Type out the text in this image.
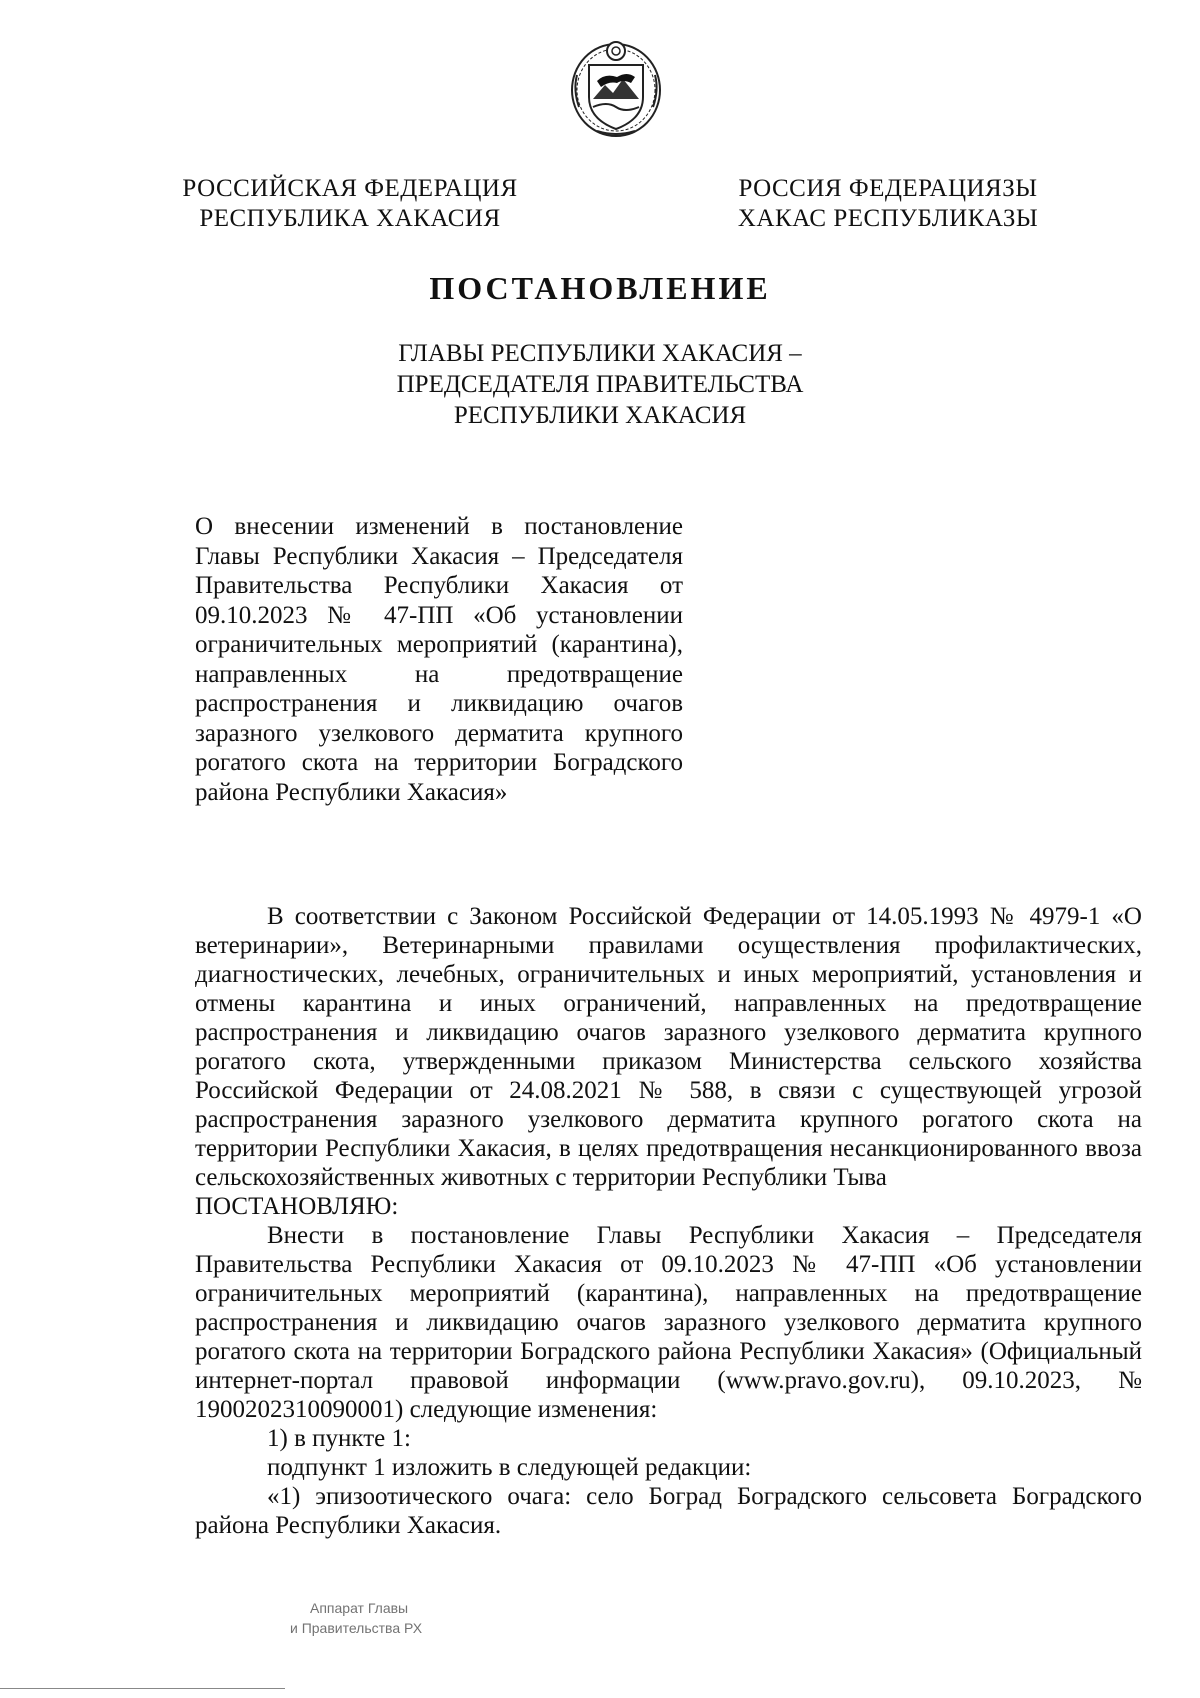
РОССИЙСКАЯ ФЕДЕРАЦИЯ
РЕСПУБЛИКА ХАКАСИЯ
РОССИЯ ФЕДЕРАЦИЯЗЫ
ХАКАС РЕСПУБЛИКАЗЫ
ПОСТАНОВЛЕНИЕ
ГЛАВЫ РЕСПУБЛИКИ ХАКАСИЯ –
ПРЕДСЕДАТЕЛЯ ПРАВИТЕЛЬСТВА
РЕСПУБЛИКИ ХАКАСИЯ
О внесении изменений в постановление Главы Республики Хакасия – Председателя Правительства Республики Хакасия от 09.10.2023 № 47-ПП «Об установлении ограничительных мероприятий (карантина), направленных на предотвращение распространения и ликвидацию очагов заразного узелкового дерматита крупного рогатого скота на территории Боградского района Республики Хакасия»

В соответствии с Законом Российской Федерации от 14.05.1993 № 4979-1 «О ветеринарии», Ветеринарными правилами осуществления профилактических, диагностических, лечебных, ограничительных и иных мероприятий, установления и отмены карантина и иных ограничений, направленных на предотвращение распространения и ликвидацию очагов заразного узелкового дерматита крупного рогатого скота, утвержденными приказом Министерства сельского хозяйства Российской Федерации от 24.08.2021 № 588, в связи с существующей угрозой распространения заразного узелкового дерматита крупного рогатого скота на территории Республики Хакасия, в целях предотвращения несанкционированного ввоза сельскохозяйственных животных с территории Республики Тыва

ПОСТАНОВЛЯЮ:

Внести в постановление Главы Республики Хакасия – Председателя Правительства Республики Хакасия от 09.10.2023 № 47-ПП «Об установлении ограничительных мероприятий (карантина), направленных на предотвращение распространения и ликвидацию очагов заразного узелкового дерматита крупного рогатого скота на территории Боградского района Республики Хакасия» (Официальный интернет-портал правовой информации (www.pravo.gov.ru), 09.10.2023, № 1900202310090001) следующие изменения:

1) в пункте 1:

подпункт 1 изложить в следующей редакции:

«1) эпизоотического очага: село Боград Боградского сельсовета Боградского района Республики Хакасия.

Аппарат Главы
и Правительства РХ
